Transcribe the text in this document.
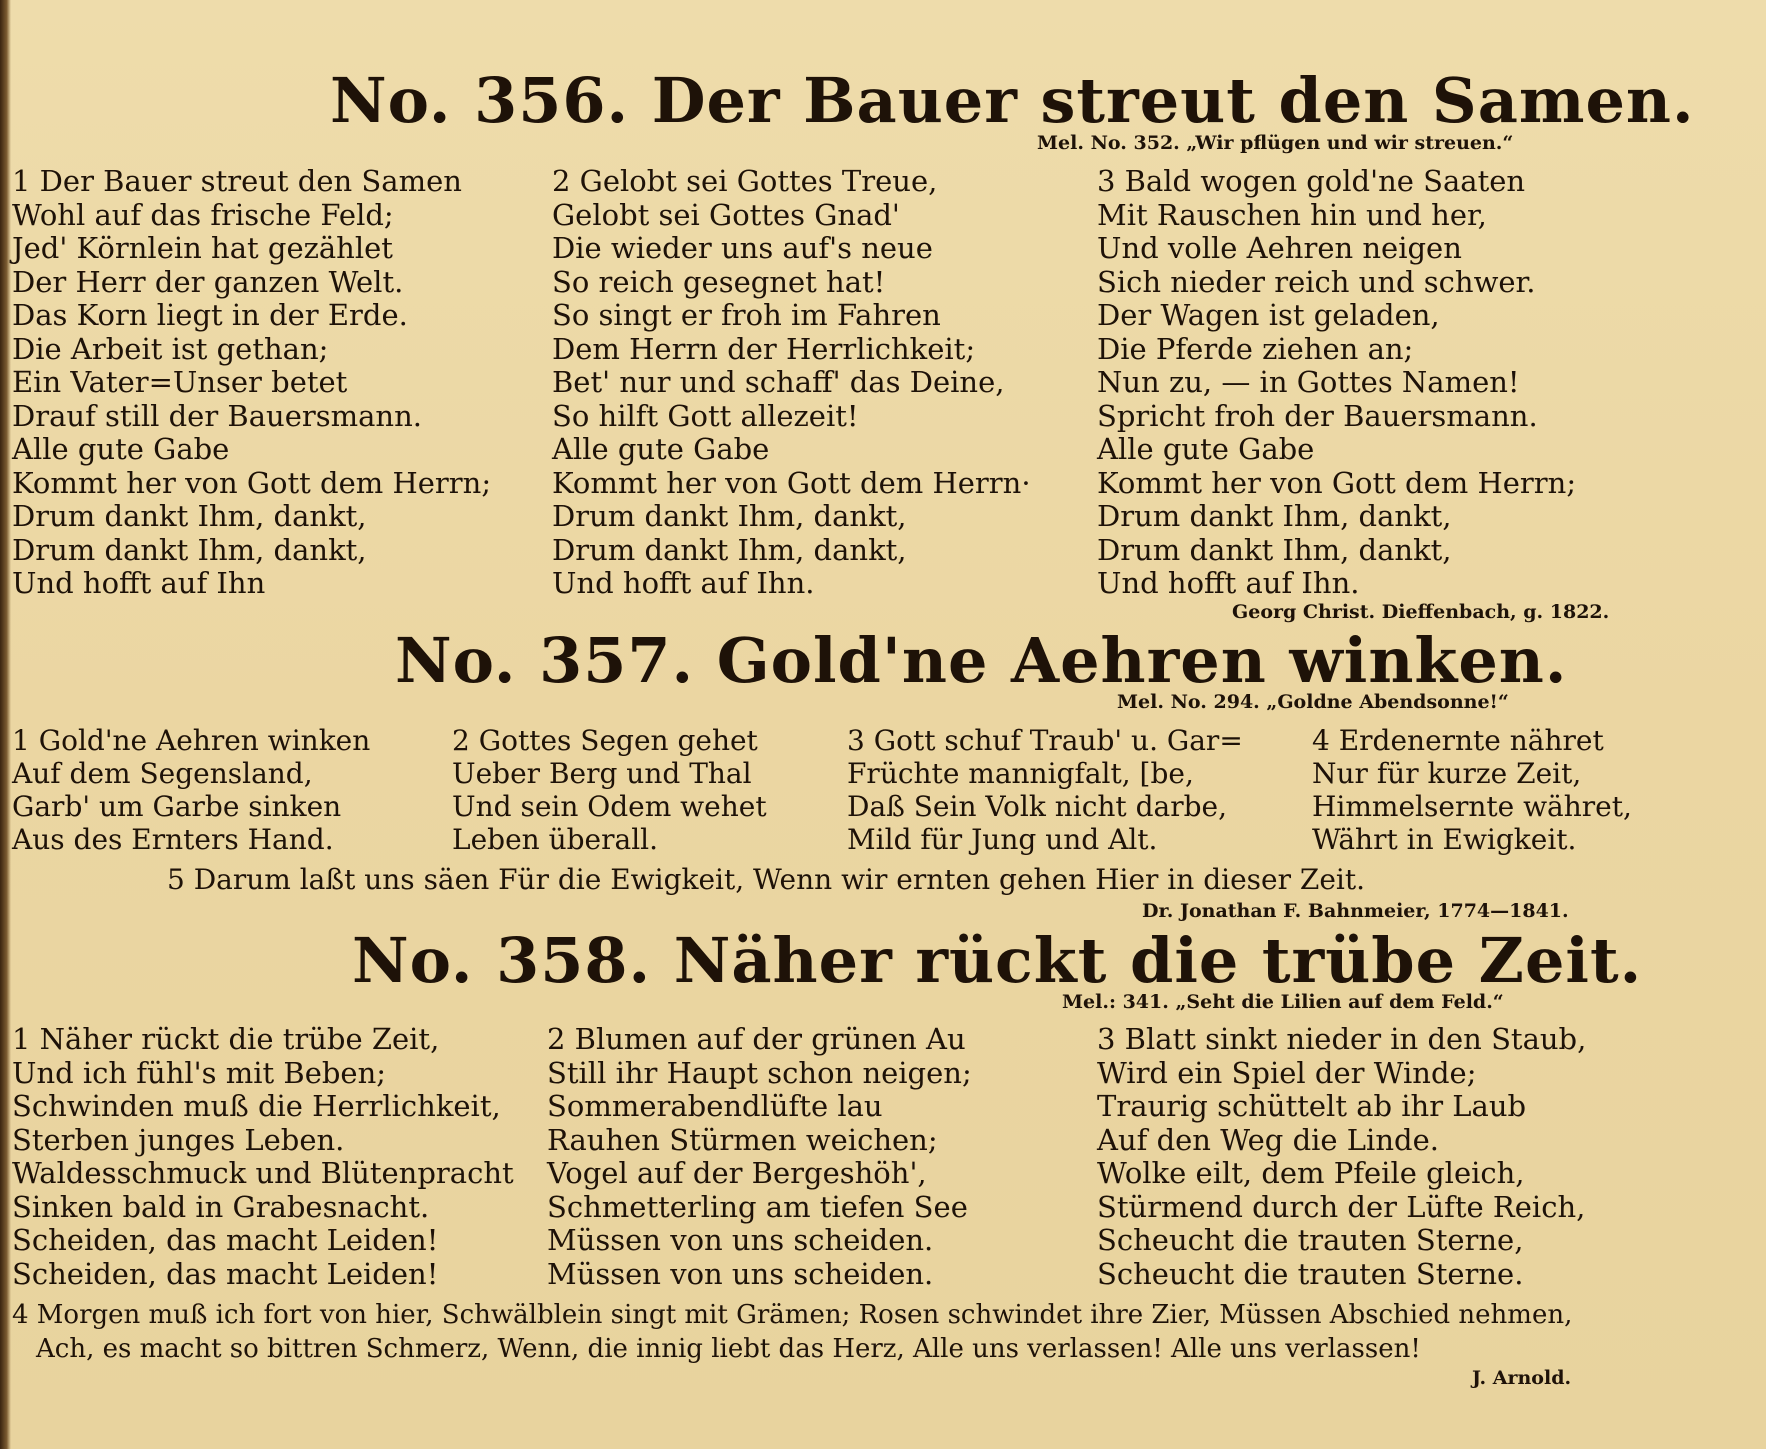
No. 356. Der Bauer streut den Samen.
Mel. No. 352. „Wir pflügen und wir streuen.“
1 Der Bauer streut den Samen
Wohl auf das frische Feld;
Jed' Körnlein hat gezählet
Der Herr der ganzen Welt.
Das Korn liegt in der Erde.
Die Arbeit ist gethan;
Ein Vater=Unser betet
Drauf still der Bauersmann.
Alle gute Gabe
Kommt her von Gott dem Herrn;
Drum dankt Ihm, dankt,
Drum dankt Ihm, dankt,
Und hofft auf Ihn
2 Gelobt sei Gottes Treue,
Gelobt sei Gottes Gnad'
Die wieder uns auf's neue
So reich gesegnet hat!
So singt er froh im Fahren
Dem Herrn der Herrlichkeit;
Bet' nur und schaff' das Deine,
So hilft Gott allezeit!
Alle gute Gabe
Kommt her von Gott dem Herrn·
Drum dankt Ihm, dankt,
Drum dankt Ihm, dankt,
Und hofft auf Ihn.
3 Bald wogen gold'ne Saaten
Mit Rauschen hin und her,
Und volle Aehren neigen
Sich nieder reich und schwer.
Der Wagen ist geladen,
Die Pferde ziehen an;
Nun zu, — in Gottes Namen!
Spricht froh der Bauersmann.
Alle gute Gabe
Kommt her von Gott dem Herrn;
Drum dankt Ihm, dankt,
Drum dankt Ihm, dankt,
Und hofft auf Ihn.
Georg Christ. Dieffenbach, g. 1822.
No. 357. Gold'ne Aehren winken.
Mel. No. 294. „Goldne Abendsonne!“
1 Gold'ne Aehren winken
Auf dem Segensland,
Garb' um Garbe sinken
Aus des Ernters Hand.
2 Gottes Segen gehet
Ueber Berg und Thal
Und sein Odem wehet
Leben überall.
3 Gott schuf Traub' u. Gar=
Früchte mannigfalt, [be,
Daß Sein Volk nicht darbe,
Mild für Jung und Alt.
4 Erdenernte nähret
Nur für kurze Zeit,
Himmelsernte währet,
Währt in Ewigkeit.
5 Darum laßt uns säen Für die Ewigkeit, Wenn wir ernten gehen Hier in dieser Zeit.
Dr. Jonathan F. Bahnmeier, 1774—1841.
No. 358. Näher rückt die trübe Zeit.
Mel.: 341. „Seht die Lilien auf dem Feld.“
1 Näher rückt die trübe Zeit,
Und ich fühl's mit Beben;
Schwinden muß die Herrlichkeit,
Sterben junges Leben.
Waldesschmuck und Blütenpracht
Sinken bald in Grabesnacht.
Scheiden, das macht Leiden!
Scheiden, das macht Leiden!
2 Blumen auf der grünen Au
Still ihr Haupt schon neigen;
Sommerabendlüfte lau
Rauhen Stürmen weichen;
Vogel auf der Bergeshöh',
Schmetterling am tiefen See
Müssen von uns scheiden.
Müssen von uns scheiden.
3 Blatt sinkt nieder in den Staub,
Wird ein Spiel der Winde;
Traurig schüttelt ab ihr Laub
Auf den Weg die Linde.
Wolke eilt, dem Pfeile gleich,
Stürmend durch der Lüfte Reich,
Scheucht die trauten Sterne,
Scheucht die trauten Sterne.
4 Morgen muß ich fort von hier, Schwälblein singt mit Grämen; Rosen schwindet ihre Zier, Müssen Abschied nehmen,
Ach, es macht so bittren Schmerz, Wenn, die innig liebt das Herz, Alle uns verlassen! Alle uns verlassen!
J. Arnold.
